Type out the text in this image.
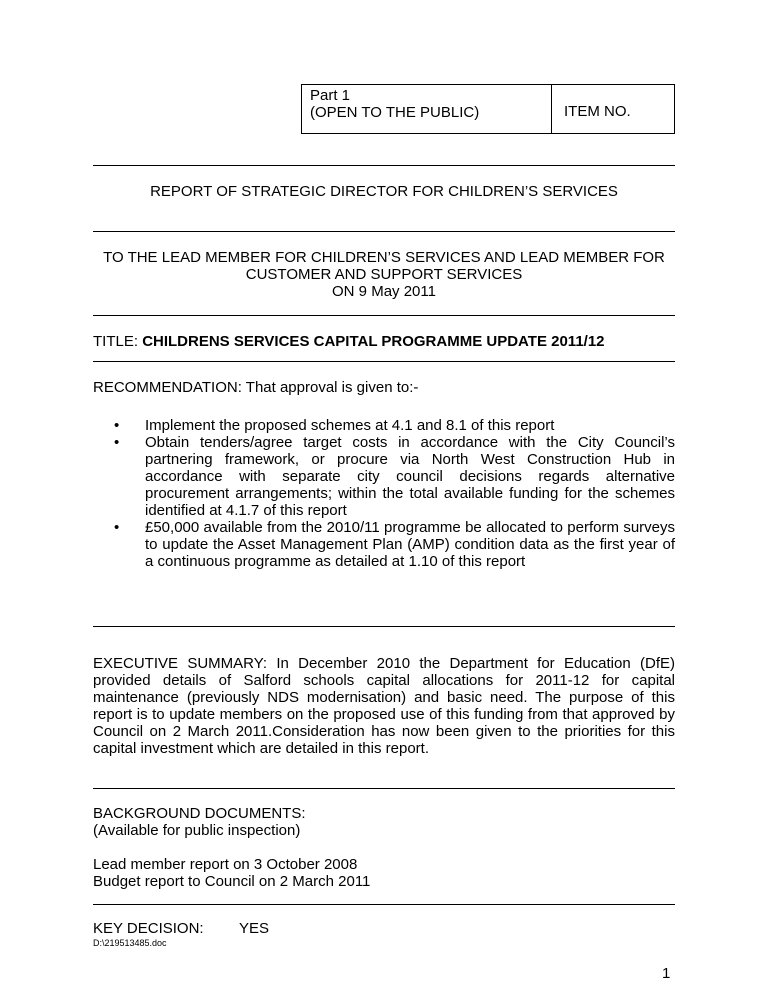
Part 1
(OPEN TO THE PUBLIC)	ITEM NO.
REPORT OF STRATEGIC DIRECTOR FOR CHILDREN’S SERVICES
TO THE LEAD MEMBER FOR CHILDREN’S SERVICES AND LEAD MEMBER FOR
CUSTOMER AND SUPPORT SERVICES
ON 9 May 2011
TITLE: CHILDRENS SERVICES CAPITAL PROGRAMME UPDATE 2011/12
RECOMMENDATION: That approval is given to:-
• Implement the proposed schemes at 4.1 and 8.1 of this report
• Obtain tenders/agree target costs in accordance with the City Council’s partnering framework, or procure via North West Construction Hub in accordance with separate city council decisions regards alternative procurement arrangements; within the total available funding for the schemes identified at 4.1.7 of this report
• £50,000 available from the 2010/11 programme be allocated to perform surveys to update the Asset Management Plan (AMP) condition data as the first year of a continuous programme as detailed at 1.10 of this report
EXECUTIVE SUMMARY: In December 2010 the Department for Education (DfE) provided details of Salford schools capital allocations for 2011-12 for capital maintenance (previously NDS modernisation) and basic need. The purpose of this report is to update members on the proposed use of this funding from that approved by Council on 2 March 2011.Consideration has now been given to the priorities for this capital investment which are detailed in this report.
BACKGROUND DOCUMENTS:
(Available for public inspection)
Lead member report on 3 October 2008
Budget report to Council on 2 March 2011
KEY DECISION: YES
D:\219513485.doc
1
